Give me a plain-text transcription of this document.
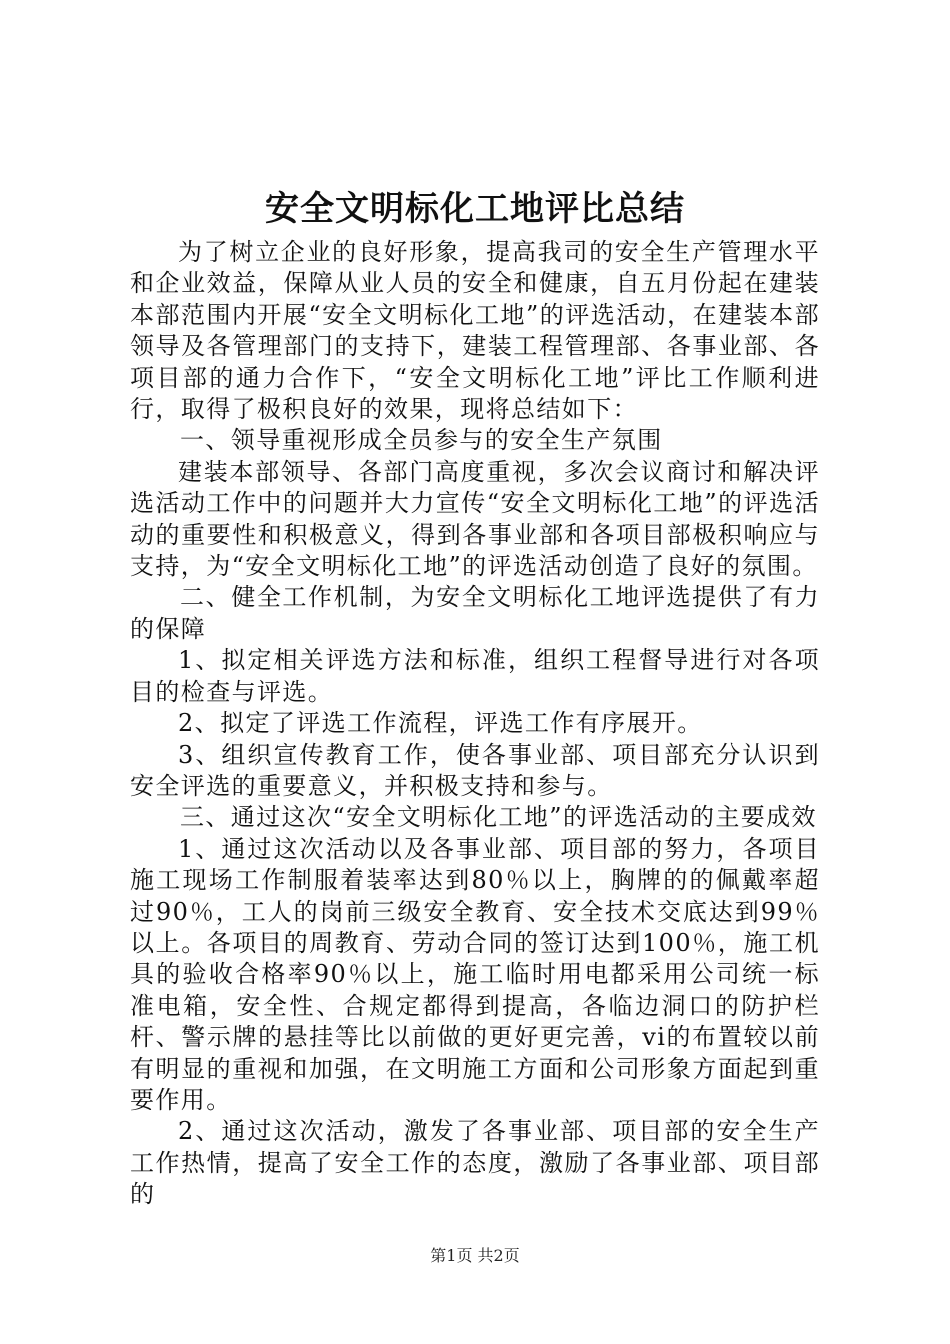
安全文明标化工地评比总结

为了树立企业的良好形象，提高我司的安全生产管理水平和企业效益，保障从业人员的安全和健康，自五月份起在建装本部范围内开展“安全文明标化工地”的评选活动，在建装本部领导及各管理部门的支持下，建装工程管理部、各事业部、各项目部的通力合作下，“安全文明标化工地”评比工作顺利进行，取得了极积良好的效果，现将总结如下：

一、领导重视形成全员参与的安全生产氛围

建装本部领导、各部门高度重视，多次会议商讨和解决评选活动工作中的问题并大力宣传“安全文明标化工地”的评选活动的重要性和积极意义，得到各事业部和各项目部极积响应与支持，为“安全文明标化工地”的评选活动创造了良好的氛围。

二、健全工作机制，为安全文明标化工地评选提供了有力的保障

1、拟定相关评选方法和标准，组织工程督导进行对各项目的检查与评选。

2、拟定了评选工作流程，评选工作有序展开。

3、组织宣传教育工作，使各事业部、项目部充分认识到安全评选的重要意义，并积极支持和参与。

三、通过这次“安全文明标化工地”的评选活动的主要成效

1、通过这次活动以及各事业部、项目部的努力，各项目施工现场工作制服着装率达到80％以上，胸牌的的佩戴率超过90％，工人的岗前三级安全教育、安全技术交底达到99％以上。各项目的周教育、劳动合同的签订达到100％，施工机具的验收合格率90％以上，施工临时用电都采用公司统一标准电箱，安全性、合规定都得到提高，各临边洞口的防护栏杆、警示牌的悬挂等比以前做的更好更完善，vi的布置较以前有明显的重视和加强，在文明施工方面和公司形象方面起到重要作用。

2、通过这次活动，激发了各事业部、项目部的安全生产工作热情，提高了安全工作的态度，激励了各事业部、项目部的

第1页 共2页
